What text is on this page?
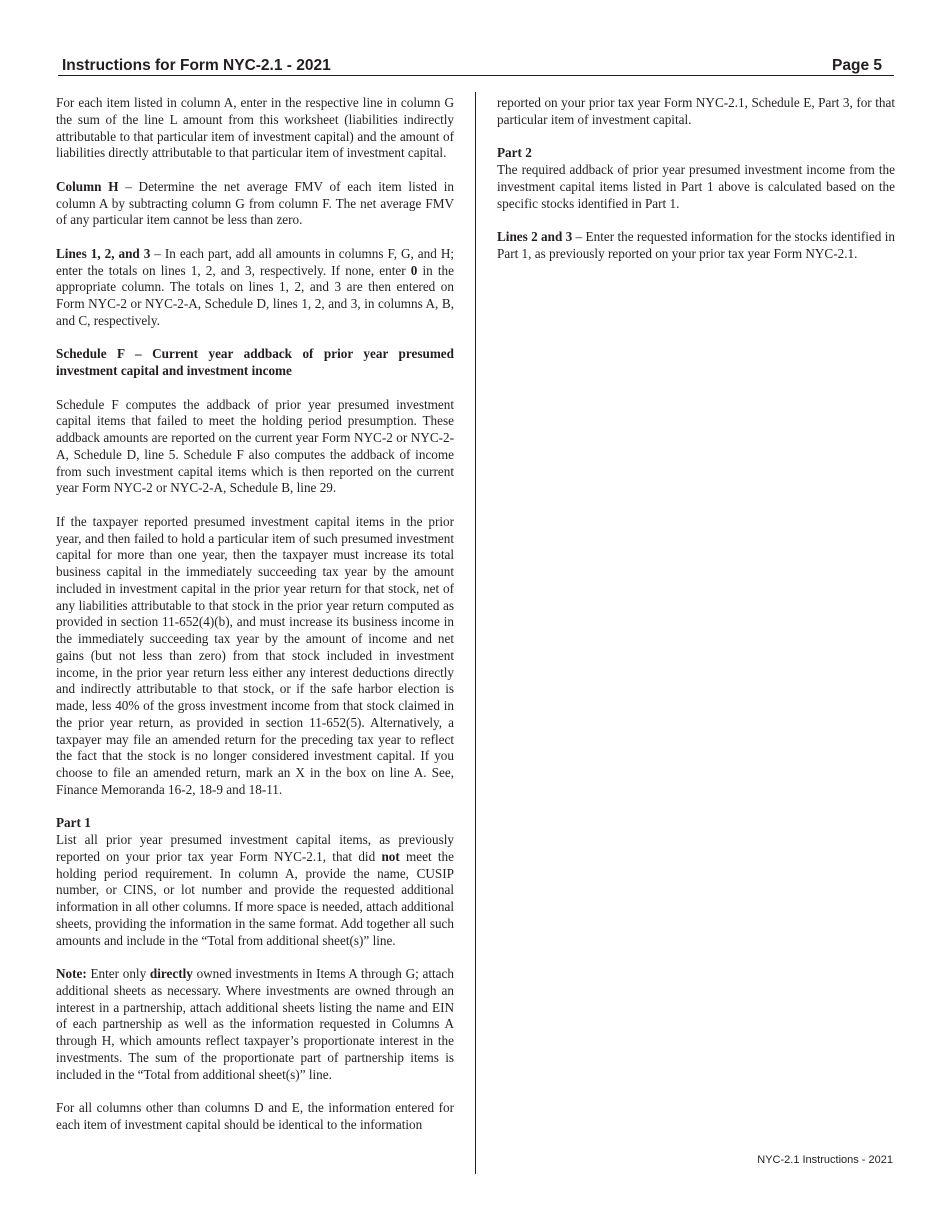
Instructions for Form NYC-2.1 - 2021	Page 5

For each item listed in column A, enter in the respective line in column G the sum of the line L amount from this worksheet (liabilities indirectly attributable to that particular item of investment capital) and the amount of liabilities directly attributable to that particular item of investment capital.

Column H – Determine the net average FMV of each item listed in column A by subtracting column G from column F. The net average FMV of any particular item cannot be less than zero.

Lines 1, 2, and 3 – In each part, add all amounts in columns F, G, and H; enter the totals on lines 1, 2, and 3, respectively. If none, enter 0 in the appropriate column. The totals on lines 1, 2, and 3 are then entered on Form NYC-2 or NYC-2-A, Schedule D, lines 1, 2, and 3, in columns A, B, and C, respectively.

Schedule F – Current year addback of prior year presumed investment capital and investment income

Schedule F computes the addback of prior year presumed investment capital items that failed to meet the holding period presumption. These addback amounts are reported on the current year Form NYC-2 or NYC-2-A, Schedule D, line 5. Schedule F also computes the addback of income from such investment capital items which is then reported on the current year Form NYC-2 or NYC-2-A, Schedule B, line 29.

If the taxpayer reported presumed investment capital items in the prior year, and then failed to hold a particular item of such presumed investment capital for more than one year, then the taxpayer must increase its total business capital in the immediately succeeding tax year by the amount included in investment capital in the prior year return for that stock, net of any liabilities attributable to that stock in the prior year return computed as provided in section 11-652(4)(b), and must increase its business income in the immediately succeeding tax year by the amount of income and net gains (but not less than zero) from that stock included in investment income, in the prior year return less either any interest deductions directly and indirectly attributable to that stock, or if the safe harbor election is made, less 40% of the gross investment income from that stock claimed in the prior year return, as provided in section 11-652(5). Alternatively, a taxpayer may file an amended return for the preceding tax year to reflect the fact that the stock is no longer considered investment capital. If you choose to file an amended return, mark an X in the box on line A. See, Finance Memoranda 16-2, 18-9 and 18-11.

Part 1
List all prior year presumed investment capital items, as previously reported on your prior tax year Form NYC-2.1, that did not meet the holding period requirement. In column A, provide the name, CUSIP number, or CINS, or lot number and provide the requested additional information in all other columns. If more space is needed, attach additional sheets, providing the information in the same format. Add together all such amounts and include in the “Total from additional sheet(s)” line.

Note: Enter only directly owned investments in Items A through G; attach additional sheets as necessary. Where investments are owned through an interest in a partnership, attach additional sheets listing the name and EIN of each partnership as well as the information requested in Columns A through H, which amounts reflect taxpayer’s proportionate interest in the investments. The sum of the proportionate part of partnership items is included in the “Total from additional sheet(s)” line.

For all columns other than columns D and E, the information entered for each item of investment capital should be identical to the information

reported on your prior tax year Form NYC-2.1, Schedule E, Part 3, for that particular item of investment capital.

Part 2
The required addback of prior year presumed investment income from the investment capital items listed in Part 1 above is calculated based on the specific stocks identified in Part 1.

Lines 2 and 3 – Enter the requested information for the stocks identified in Part 1, as previously reported on your prior tax year Form NYC-2.1.

NYC-2.1 Instructions - 2021
